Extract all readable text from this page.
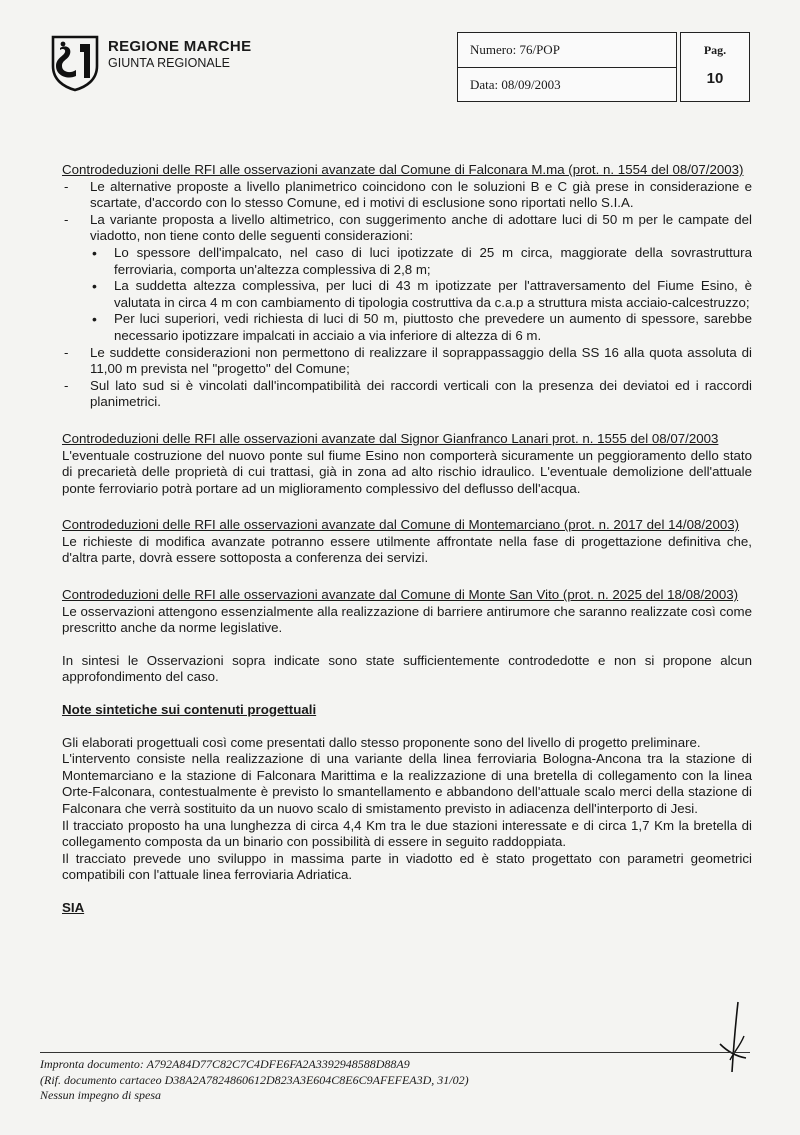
REGIONE MARCHE
GIUNTA REGIONALE
Numero: 76/POP
Data: 08/09/2003
Pag.
10

Controdeduzioni delle RFI alle osservazioni avanzate dal Comune di Falconara M.ma (prot. n. 1554 del 08/07/2003)

- Le alternative proposte a livello planimetrico coincidono con le soluzioni B e C già prese in considerazione e scartate, d'accordo con lo stesso Comune, ed i motivi di esclusione sono riportati nello S.I.A.
- La variante proposta a livello altimetrico, con suggerimento anche di adottare luci di 50 m per le campate del viadotto, non tiene conto delle seguenti considerazioni:
• Lo spessore dell'impalcato, nel caso di luci ipotizzate di 25 m circa, maggiorate della sovrastruttura ferroviaria, comporta un'altezza complessiva di 2,8 m;
• La suddetta altezza complessiva, per luci di 43 m ipotizzate per l'attraversamento del Fiume Esino, è valutata in circa 4 m con cambiamento di tipologia costruttiva da c.a.p a struttura mista acciaio-calcestruzzo;
• Per luci superiori, vedi richiesta di luci di 50 m, piuttosto che prevedere un aumento di spessore, sarebbe necessario ipotizzare impalcati in acciaio a via inferiore di altezza di 6 m.
- Le suddette considerazioni non permettono di realizzare il soprappassaggio della SS 16 alla quota assoluta di 11,00 m prevista nel "progetto" del Comune;
- Sul lato sud si è vincolati dall'incompatibilità dei raccordi verticali con la presenza dei deviatoi ed i raccordi planimetrici.

Controdeduzioni delle RFI alle osservazioni avanzate dal Signor Gianfranco Lanari prot. n. 1555 del 08/07/2003

L'eventuale costruzione del nuovo ponte sul fiume Esino non comporterà sicuramente un peggioramento dello stato di precarietà delle proprietà di cui trattasi, già in zona ad alto rischio idraulico. L'eventuale demolizione dell'attuale ponte ferroviario potrà portare ad un miglioramento complessivo del deflusso dell'acqua.

Controdeduzioni delle RFI alle osservazioni avanzate dal Comune di Montemarciano (prot. n. 2017 del 14/08/2003)

Le richieste di modifica avanzate potranno essere utilmente affrontate nella fase di progettazione definitiva che, d'altra parte, dovrà essere sottoposta a conferenza dei servizi.

Controdeduzioni delle RFI alle osservazioni avanzate dal Comune di Monte San Vito (prot. n. 2025 del 18/08/2003)

Le osservazioni attengono essenzialmente alla realizzazione di barriere antirumore che saranno realizzate così come prescritto anche da norme legislative.

In sintesi le Osservazioni sopra indicate sono state sufficientemente controdedotte e non si propone alcun approfondimento del caso.

Note sintetiche sui contenuti progettuali

Gli elaborati progettuali così come presentati dallo stesso proponente sono del livello di progetto preliminare.

L'intervento consiste nella realizzazione di una variante della linea ferroviaria Bologna-Ancona tra la stazione di Montemarciano e la stazione di Falconara Marittima e la realizzazione di una bretella di collegamento con la linea Orte-Falconara, contestualmente è previsto lo smantellamento e abbandono dell'attuale scalo merci della stazione di Falconara che verrà sostituito da un nuovo scalo di smistamento previsto in adiacenza dell'interporto di Jesi.

Il tracciato proposto ha una lunghezza di circa 4,4 Km tra le due stazioni interessate e di circa 1,7 Km la bretella di collegamento composta da un binario con possibilità di essere in seguito raddoppiata.

Il tracciato prevede uno sviluppo in massima parte in viadotto ed è stato progettato con parametri geometrici compatibili con l'attuale linea ferroviaria Adriatica.

SIA

Impronta documento: A792A84D77C82C7C4DFE6FA2A3392948588D88A9
(Rif. documento cartaceo D38A2A7824860612D823A3E604C8E6C9AFEFEA3D, 31/02)
Nessun impegno di spesa
